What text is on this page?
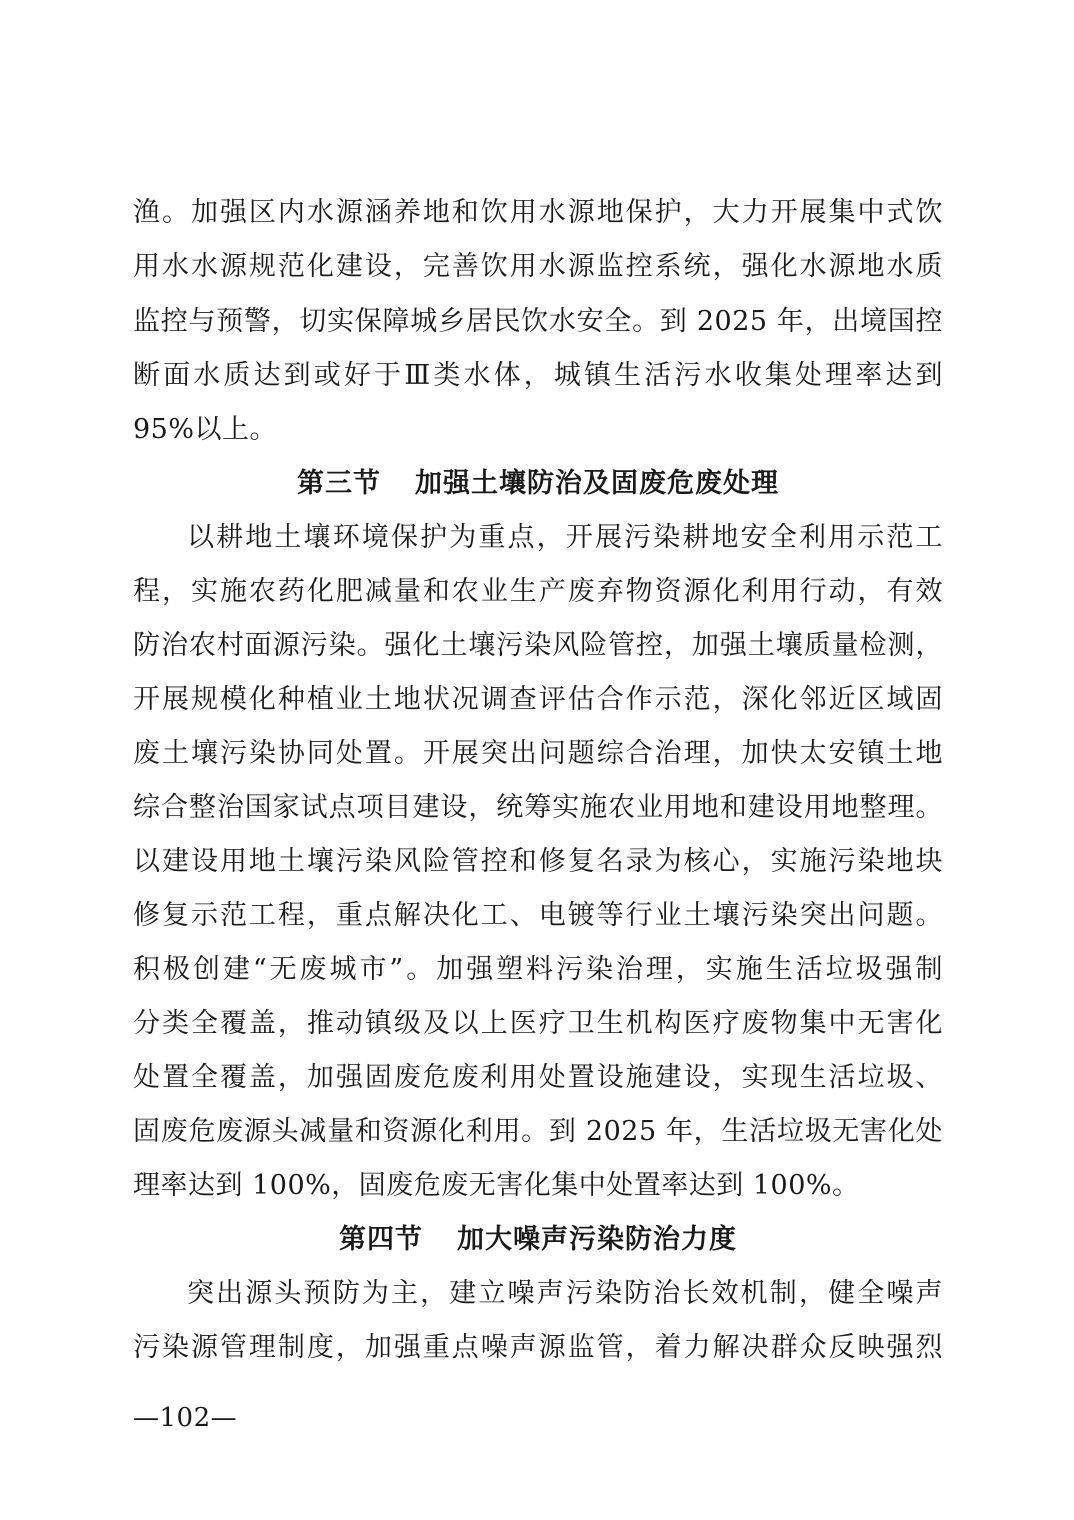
渔。加强区内水源涵养地和饮用水源地保护，大力开展集中式饮
用水水源规范化建设，完善饮用水源监控系统，强化水源地水质
监控与预警，切实保障城乡居民饮水安全。到 2025 年，出境国控
断面水质达到或好于Ⅲ类水体，城镇生活污水收集处理率达到
95%以上。
第三节 加强土壤防治及固废危废处理
以耕地土壤环境保护为重点，开展污染耕地安全利用示范工
程，实施农药化肥减量和农业生产废弃物资源化利用行动，有效
防治农村面源污染。强化土壤污染风险管控，加强土壤质量检测，
开展规模化种植业土地状况调查评估合作示范，深化邻近区域固
废土壤污染协同处置。开展突出问题综合治理，加快太安镇土地
综合整治国家试点项目建设，统筹实施农业用地和建设用地整理。
以建设用地土壤污染风险管控和修复名录为核心，实施污染地块
修复示范工程，重点解决化工、电镀等行业土壤污染突出问题。
积极创建“无废城市”。加强塑料污染治理，实施生活垃圾强制
分类全覆盖，推动镇级及以上医疗卫生机构医疗废物集中无害化
处置全覆盖，加强固废危废利用处置设施建设，实现生活垃圾、
固废危废源头减量和资源化利用。到 2025 年，生活垃圾无害化处
理率达到 100%，固废危废无害化集中处置率达到 100%。
第四节 加大噪声污染防治力度
突出源头预防为主，建立噪声污染防治长效机制，健全噪声
污染源管理制度，加强重点噪声源监管，着力解决群众反映强烈
—102—
